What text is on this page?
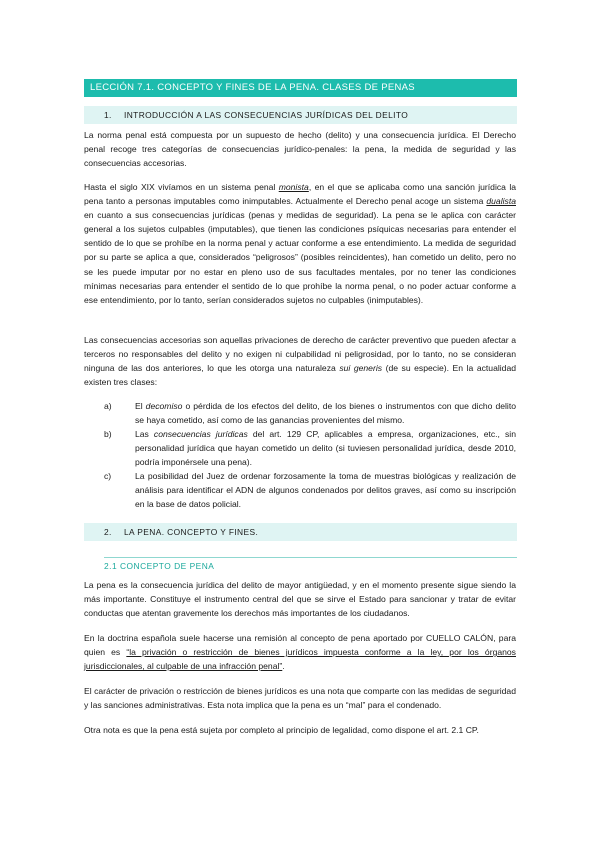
LECCIÓN 7.1. CONCEPTO Y FINES DE LA PENA. CLASES DE PENAS
1. INTRODUCCIÓN A LAS CONSECUENCIAS JURÍDICAS DEL DELITO

La norma penal está compuesta por un supuesto de hecho (delito) y una consecuencia jurídica. El Derecho penal recoge tres categorías de consecuencias jurídico-penales: la pena, la medida de seguridad y las consecuencias accesorias.

Hasta el siglo XIX vivíamos en un sistema penal monista, en el que se aplicaba como una sanción jurídica la pena tanto a personas imputables como inimputables. Actualmente el Derecho penal acoge un sistema dualista en cuanto a sus consecuencias jurídicas (penas y medidas de seguridad). La pena se le aplica con carácter general a los sujetos culpables (imputables), que tienen las condiciones psíquicas necesarias para entender el sentido de lo que se prohíbe en la norma penal y actuar conforme a ese entendimiento. La medida de seguridad por su parte se aplica a que, considerados “peligrosos” (posibles reincidentes), han cometido un delito, pero no se les puede imputar por no estar en pleno uso de sus facultades mentales, por no tener las condiciones mínimas necesarias para entender el sentido de lo que prohíbe la norma penal, o no poder actuar conforme a ese entendimiento, por lo tanto, serían considerados sujetos no culpables (inimputables).

Las consecuencias accesorias son aquellas privaciones de derecho de carácter preventivo que pueden afectar a terceros no responsables del delito y no exigen ni culpabilidad ni peligrosidad, por lo tanto, no se consideran ninguna de las dos anteriores, lo que les otorga una naturaleza sui generis (de su especie). En la actualidad existen tres clases:

a)	El decomiso o pérdida de los efectos del delito, de los bienes o instrumentos con que dicho delito se haya cometido, así como de las ganancias provenientes del mismo.
b)	Las consecuencias jurídicas del art. 129 CP, aplicables a empresa, organizaciones, etc., sin personalidad jurídica que hayan cometido un delito (si tuviesen personalidad jurídica, desde 2010, podría imponérsele una pena).
c)	La posibilidad del Juez de ordenar forzosamente la toma de muestras biológicas y realización de análisis para identificar el ADN de algunos condenados por delitos graves, así como su inscripción en la base de datos policial.
2. LA PENA. CONCEPTO Y FINES.
2.1 CONCEPTO DE PENA

La pena es la consecuencia jurídica del delito de mayor antigüedad, y en el momento presente sigue siendo la más importante. Constituye el instrumento central del que se sirve el Estado para sancionar y tratar de evitar conductas que atentan gravemente los derechos más importantes de los ciudadanos.

En la doctrina española suele hacerse una remisión al concepto de pena aportado por CUELLO CALÓN, para quien es “la privación o restricción de bienes jurídicos impuesta conforme a la ley, por los órganos jurisdiccionales, al culpable de una infracción penal”.

El carácter de privación o restricción de bienes jurídicos es una nota que comparte con las medidas de seguridad y las sanciones administrativas. Esta nota implica que la pena es un “mal” para el condenado.

Otra nota es que la pena está sujeta por completo al principio de legalidad, como dispone el art. 2.1 CP.
